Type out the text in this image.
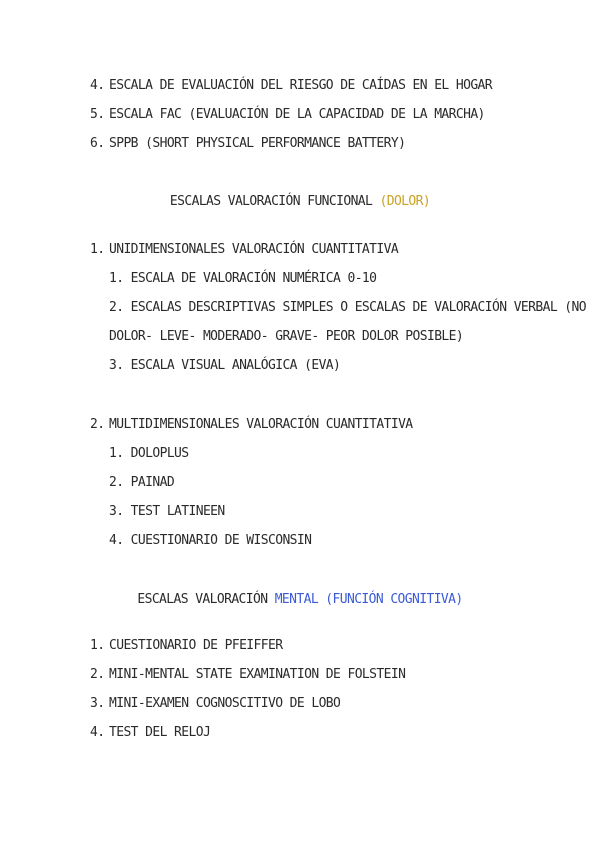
4. ESCALA DE EVALUACIÓN DEL RIESGO DE CAÍDAS EN EL HOGAR
5. ESCALA FAC (EVALUACIÓN DE LA CAPACIDAD DE LA MARCHA)
6. SPPB (SHORT PHYSICAL PERFORMANCE BATTERY)
ESCALAS VALORACIÓN FUNCIONAL (DOLOR)
1. UNIDIMENSIONALES VALORACIÓN CUANTITATIVA
1. ESCALA DE VALORACIÓN NUMÉRICA 0-10
2. ESCALAS DESCRIPTIVAS SIMPLES O ESCALAS DE VALORACIÓN VERBAL (NO
DOLOR- LEVE- MODERADO- GRAVE- PEOR DOLOR POSIBLE)
3. ESCALA VISUAL ANALÓGICA (EVA)
2. MULTIDIMENSIONALES VALORACIÓN CUANTITATIVA
1. DOLOPLUS
2. PAINAD
3. TEST LATINEEN
4. CUESTIONARIO DE WISCONSIN
ESCALAS VALORACIÓN MENTAL (FUNCIÓN COGNITIVA)
1. CUESTIONARIO DE PFEIFFER
2. MINI-MENTAL STATE EXAMINATION DE FOLSTEIN
3. MINI-EXAMEN COGNOSCITIVO DE LOBO
4. TEST DEL RELOJ
